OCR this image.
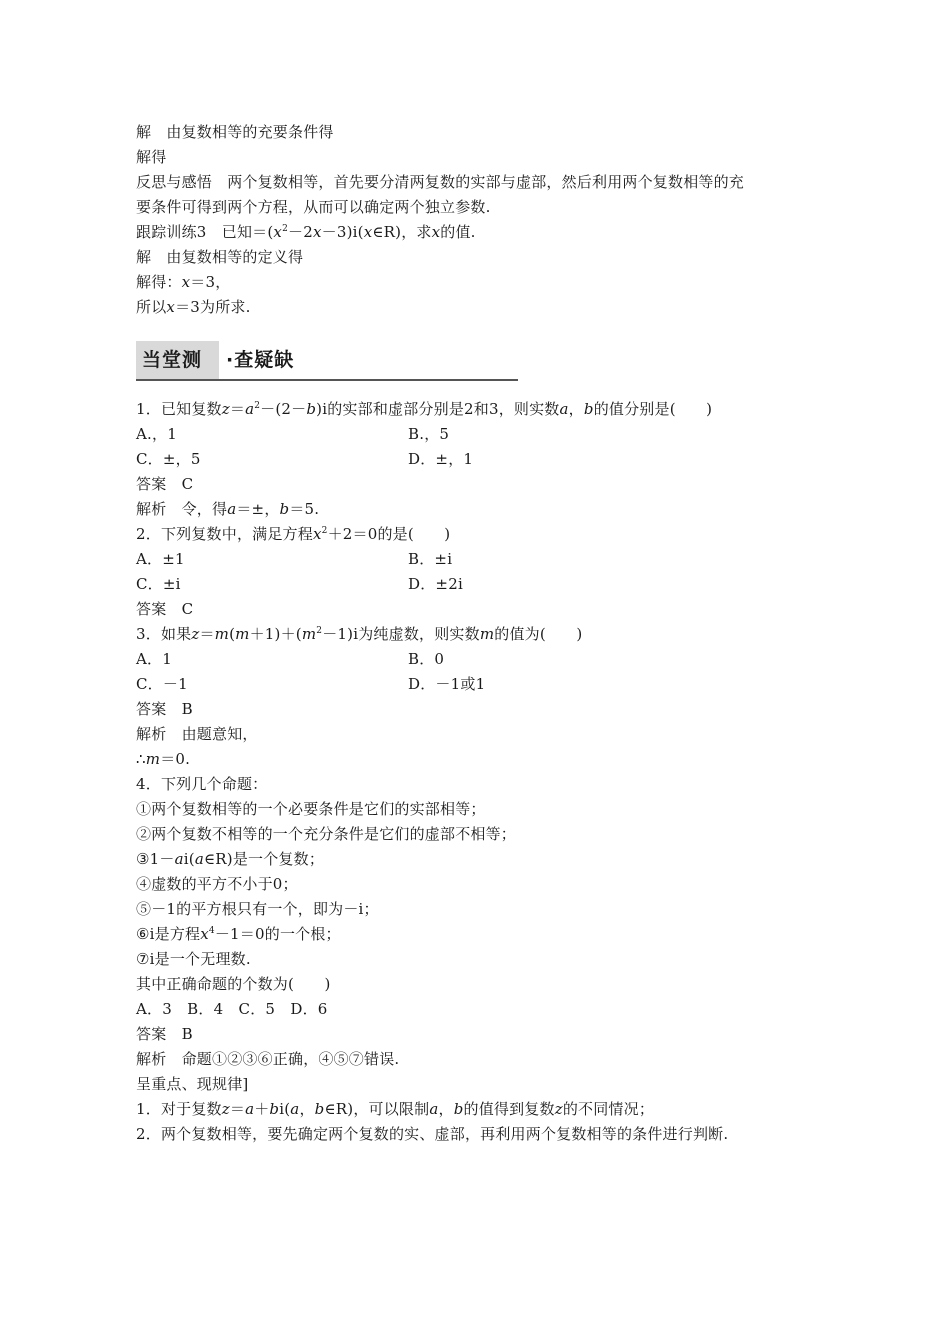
解　由复数相等的充要条件得
解得
反思与感悟　两个复数相等，首先要分清两复数的实部与虚部，然后利用两个复数相等的充
要条件可得到两个方程，从而可以确定两个独立参数.
跟踪训练3　已知$=(x^2-2x-3)i(x\in R)$，求x的值.
解　由复数相等的定义得
解得：x＝3，
所以x＝3为所求.
当堂测 ·查疑缺
1．已知复数$z=a^2-(2-b)i$的实部和虚部分别是2和3，则实数a，b的值分别是(　　)
A.，1	B.，5
C．±，5	D．±，1
答案　C
解析　令，得a＝±，b＝5.
2．下列复数中，满足方程$x^2+2=0$的是(　　)
A．±1	B．±i
C．±i	D．±2i
答案　C
3．如果$z=m(m+1)+(m^2-1)i$为纯虚数，则实数m的值为(　　)
A．1	B．0
C．－1	D．－1或1
答案　B
解析　由题意知，
∴m＝0.
4．下列几个命题：
①两个复数相等的一个必要条件是它们的实部相等；
②两个复数不相等的一个充分条件是它们的虚部不相等；
③1－ai(a∈R)是一个复数；
④虚数的平方不小于0；
⑤－1的平方根只有一个，即为－i；
⑥i是方程$x^4-1=0$的一个根；
⑦i是一个无理数.
其中正确命题的个数为(　　)
A．3　B．4　C．5　D．6
答案　B
解析　命题①②③⑥正确，④⑤⑦错误.
呈重点、现规律]
1．对于复数z＝a＋bi(a，b∈R)，可以限制a，b的值得到复数z的不同情况；
2．两个复数相等，要先确定两个复数的实、虚部，再利用两个复数相等的条件进行判断.
